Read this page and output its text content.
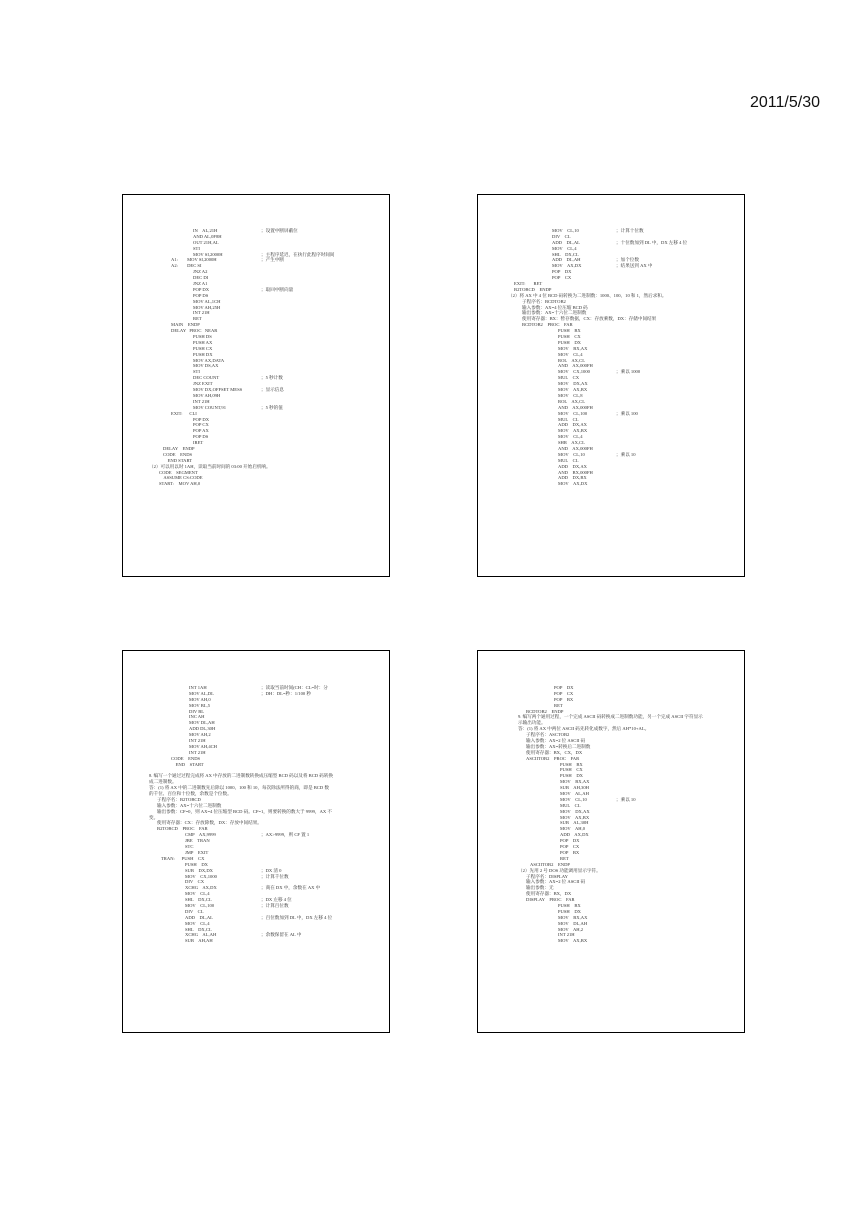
2011/5/30
IN    AL,21H	；设置中断屏蔽位
AND AL,0F8H
OUT 21H,AL
STI
MOV SI,2000H	；主程序延迟，在执行此程序时间间
A1:        MOV SI,2000H	；产生中断
A2:        DEC SI
JNZ A2
DEC DI
JNZ A1
POP DX	；取回中断向量
POP DS
MOV AL,1CH
MOV AH,25H
INT 21H
RET
MAIN    ENDP
DELAY   PROC   NEAR
PUSH DS
PUSH AX
PUSH CX
PUSH DX
MOV AX,DATA
MOV DS,AX
STI
DEC COUNT	；5 秒计数
JNZ EXIT
MOV DX,OFFSET MESS	；显示信息
MOV AH,09H
INT 21H
MOV COUNT,91	；5 秒的值
EXIT:      CLI
POP DX
POP CX
POP AX
POP DS
IRET
DELAY    ENDP
CODE    ENDS
END START
（2）可以用以时 1AH，读取当前时间的 03:00 开始启机响。
CODE    SEGMENT
ASSUME CS:CODE
START:    MOV AH,0
MOV    CL,10	；计算十位数
DIV    CL
ADD    DL,AL	；十位数加到 DL 中，DX 左移 4 位
MOV    CL,4
SHL    DX,CL
ADD    DL,AH	；加个位数
MOV    AX,DX	；结果送到 AX 中
POP    DX
POP    CX
EXIT:       RET
B2TOBCD    ENDP
（2）将 AX 中 4 位 BCD 码转换为二进制数：1000、100、10 和 1，然后求和。
子程序名：BCDTOB2
输入参数：AX=4 位压缩 BCD 码
输出参数：AX=十六位二进制数
使用寄存器：BX：暂存数据，CX：存放乘数，DX：存储中间结果
BCDTOB2    PROC    FAR
PUSH    BX
PUSH    CX
PUSH    DX
MOV    BX,AX
MOV    CL,4
ROL    AX,CL
AND    AX,000FH
MOV    CX,1000	；乘以 1000
MUL    CX
MOV    DX,AX
MOV    AX,BX
MOV    CL,8
ROL    AX,CL
AND    AX,000FH
MOV    CL,100	；乘以 100
MUL    CL
ADD    DX,AX
MOV    AX,BX
MOV    CL,4
SHR    AX,CL
AND    AX,000FH
MOV    CL,10	；乘以 10
MUL    CL
ADD    DX,AX
AND    BX,000FH
ADD    DX,BX
MOV    AX,DX
INT 1AH	；读取当前时间(CH：CL=时：分
MOV AL,DL	；DH：DL=秒：1/100 秒
MOV AH,0
MOV BL,5
DIV BL
INC AH
MOV DL,AH
ADD DL,30H
MOV AH,2
INT 21H
MOV AH,4CH
INT 21H
CODE    ENDS
END    START
8. 编写一个通过过程完成将 AX 中存放的二进制数转换成压缩型 BCD 码以及将 BCD 码转换
成二进制数。
答：(1) 将 AX 中的二进制数先后除以 1000、100 和 10，每次除法所得的商，即是 BCD 数
的千位、百位和十位数，余数是个位数。
子程序名：B2TOBCD
输入参数：AX=十六位二进制数
输出参数：CF=0，则 AX=4 位压缩型 BCD 码。CF=1，则要转换的数大于 9999，AX 不
变。
使用寄存器：CX：存放除数，DX：存放中间结果。
B2TOBCD    PROC    FAR
CMP    AX,9999	；AX>9999，则 CF 置 1
JBE    TRAN
STC
JMP    EXIT
TRAN:      PUSH    CX
PUSH    DX
SUB    DX,DX	；DX 清 0
MOV    CX,1000	；计算千位数
DIV    CX
XCHG    AX,DX	；商在 DX 中，余数在 AX 中
MOV    CL,4
SHL    DX,CL	；DX 左移 4 位
MOV    CL,100	；计算百位数
DIV    CL
ADD    DL,AL	；百位数加到 DL 中，DX 左移 4 位
MOV    CL,4
SHL    DX,CL
XCHG    AL,AH	；余数保留在 AL 中
SUB    AH,AH
POP    DX
POP    CX
POP    BX
RET
BCDTOB2    ENDP
9. 编写两个通用过程，一个完成 ASCII 码转换成二进制数功能，另一个完成 ASCII 字符显示
示输出功能。
答：(1) 将 AX 中两位 ASCII 码先转化成数字，然后 AH*10+AL。
子程序名：ASCTOB2
输入参数：AX=2 位 ASCII 码
输出参数：AX=转换后二进制数
使用寄存器：BX，CX，DX
ASCIITOB2    PROC    FAR
PUSH    BX
PUSH    CX
PUSH    DX
MOV    BX,AX
SUB    AH,30H
MOV    AL,AH
MOV    CL,10	；乘以 10
MUL    CL
MOV    DX,AX
MOV    AX,BX
SUB    AL,30H
MOV    AH,0
ADD    AX,DX
POP    DX
POP    CX
POP    BX
RET
ASCIITOB2    ENDP
（2）先用 2 号 DOS 功能调用显示字符。
子程序名：DISPLAY
输入参数：AX=2 位 ASCII 码
输出参数：无
使用寄存器：BX，DX
DISPLAY    PROC    FAR
PUSH    BX
PUSH    DX
MOV    BX,AX
MOV    DL,AH
MOV    AH,2
INT 21H
MOV    AX,BX
